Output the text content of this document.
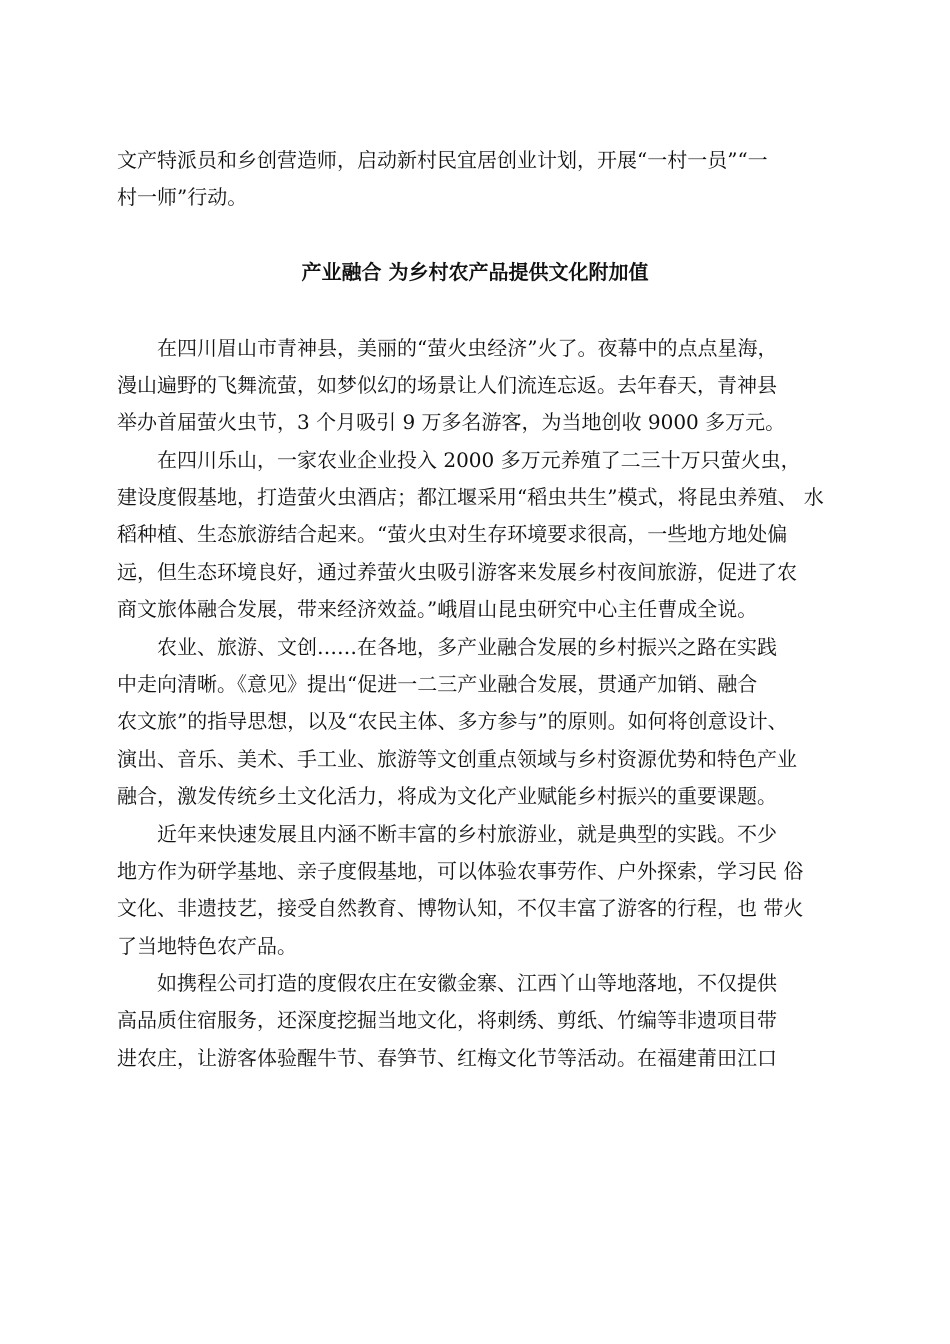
文产特派员和乡创营造师，启动新村民宜居创业计划，开展“一村一员”“一
村一师”行动。
产业融合 为乡村农产品提供文化附加值
在四川眉山市青神县，美丽的“萤火虫经济”火了。夜幕中的点点星海，
漫山遍野的飞舞流萤，如梦似幻的场景让人们流连忘返。去年春天，青神县
举办首届萤火虫节，3 个月吸引 9 万多名游客，为当地创收 9000 多万元。
在四川乐山，一家农业企业投入 2000 多万元养殖了二三十万只萤火虫，
建设度假基地，打造萤火虫酒店；都江堰采用“稻虫共生”模式，将昆虫养殖、 水
稻种植、生态旅游结合起来。“萤火虫对生存环境要求很高，一些地方地处偏
远，但生态环境良好，通过养萤火虫吸引游客来发展乡村夜间旅游，促进了农
商文旅体融合发展，带来经济效益。”峨眉山昆虫研究中心主任曹成全说。
农业、旅游、文创……在各地，多产业融合发展的乡村振兴之路在实践
中走向清晰。《意见》提出“促进一二三产业融合发展，贯通产加销、融合
农文旅”的指导思想，以及“农民主体、多方参与”的原则。如何将创意设计、
演出、音乐、美术、手工业、旅游等文创重点领域与乡村资源优势和特色产业
融合，激发传统乡土文化活力，将成为文化产业赋能乡村振兴的重要课题。
近年来快速发展且内涵不断丰富的乡村旅游业，就是典型的实践。不少
地方作为研学基地、亲子度假基地，可以体验农事劳作、户外探索，学习民 俗
文化、非遗技艺，接受自然教育、博物认知，不仅丰富了游客的行程，也 带火
了当地特色农产品。
如携程公司打造的度假农庄在安徽金寨、江西丫山等地落地，不仅提供
高品质住宿服务，还深度挖掘当地文化，将刺绣、剪纸、竹编等非遗项目带
进农庄，让游客体验醒牛节、春笋节、红梅文化节等活动。在福建莆田江口
